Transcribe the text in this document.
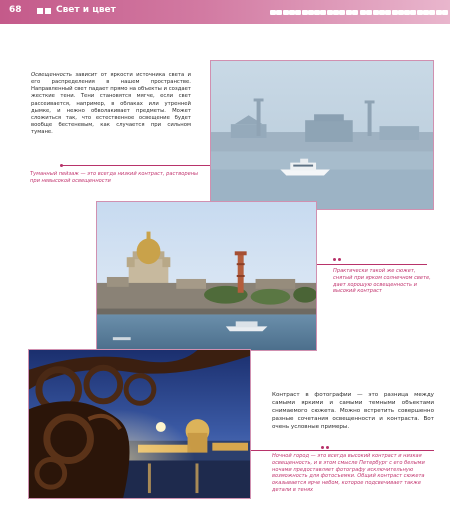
68	Свет и цвет

Освещенность зависит от яркости источника света и его распределения в нашем пространстве. Направленный свет падает прямо на объекты и создает жесткие тени. Тени становятся мягче, если свет рассеивается, например, в облаках или утренней дымке, и нежно обволакивает предметы. Может сложиться так, что естественное освещение будет вообще бестеневым, как случается при сильном тумане.

Туманный пейзаж — это всегда низкий контраст, растворены при невысокой освещенности

Практически такой же сюжет, снятый при ярком солнечном свете, дает хорошую освещенность и высокий контраст

Контраст в фотографии — это разница между самыми яркими и самыми темными объектами снимаемого сюжета. Можно встретить совершенно разные сочетания освещенности и контраста. Вот очень условные примеры.

Ночной город — это всегда высокий контраст и низкая освещенность, и в этом смысле Петербург с его белыми ночами предоставляет фотографу исключительную возможность для фотосъемки. Общий контраст сюжета оказывается ярче небом, которое подсвечивает также детали в тенях
